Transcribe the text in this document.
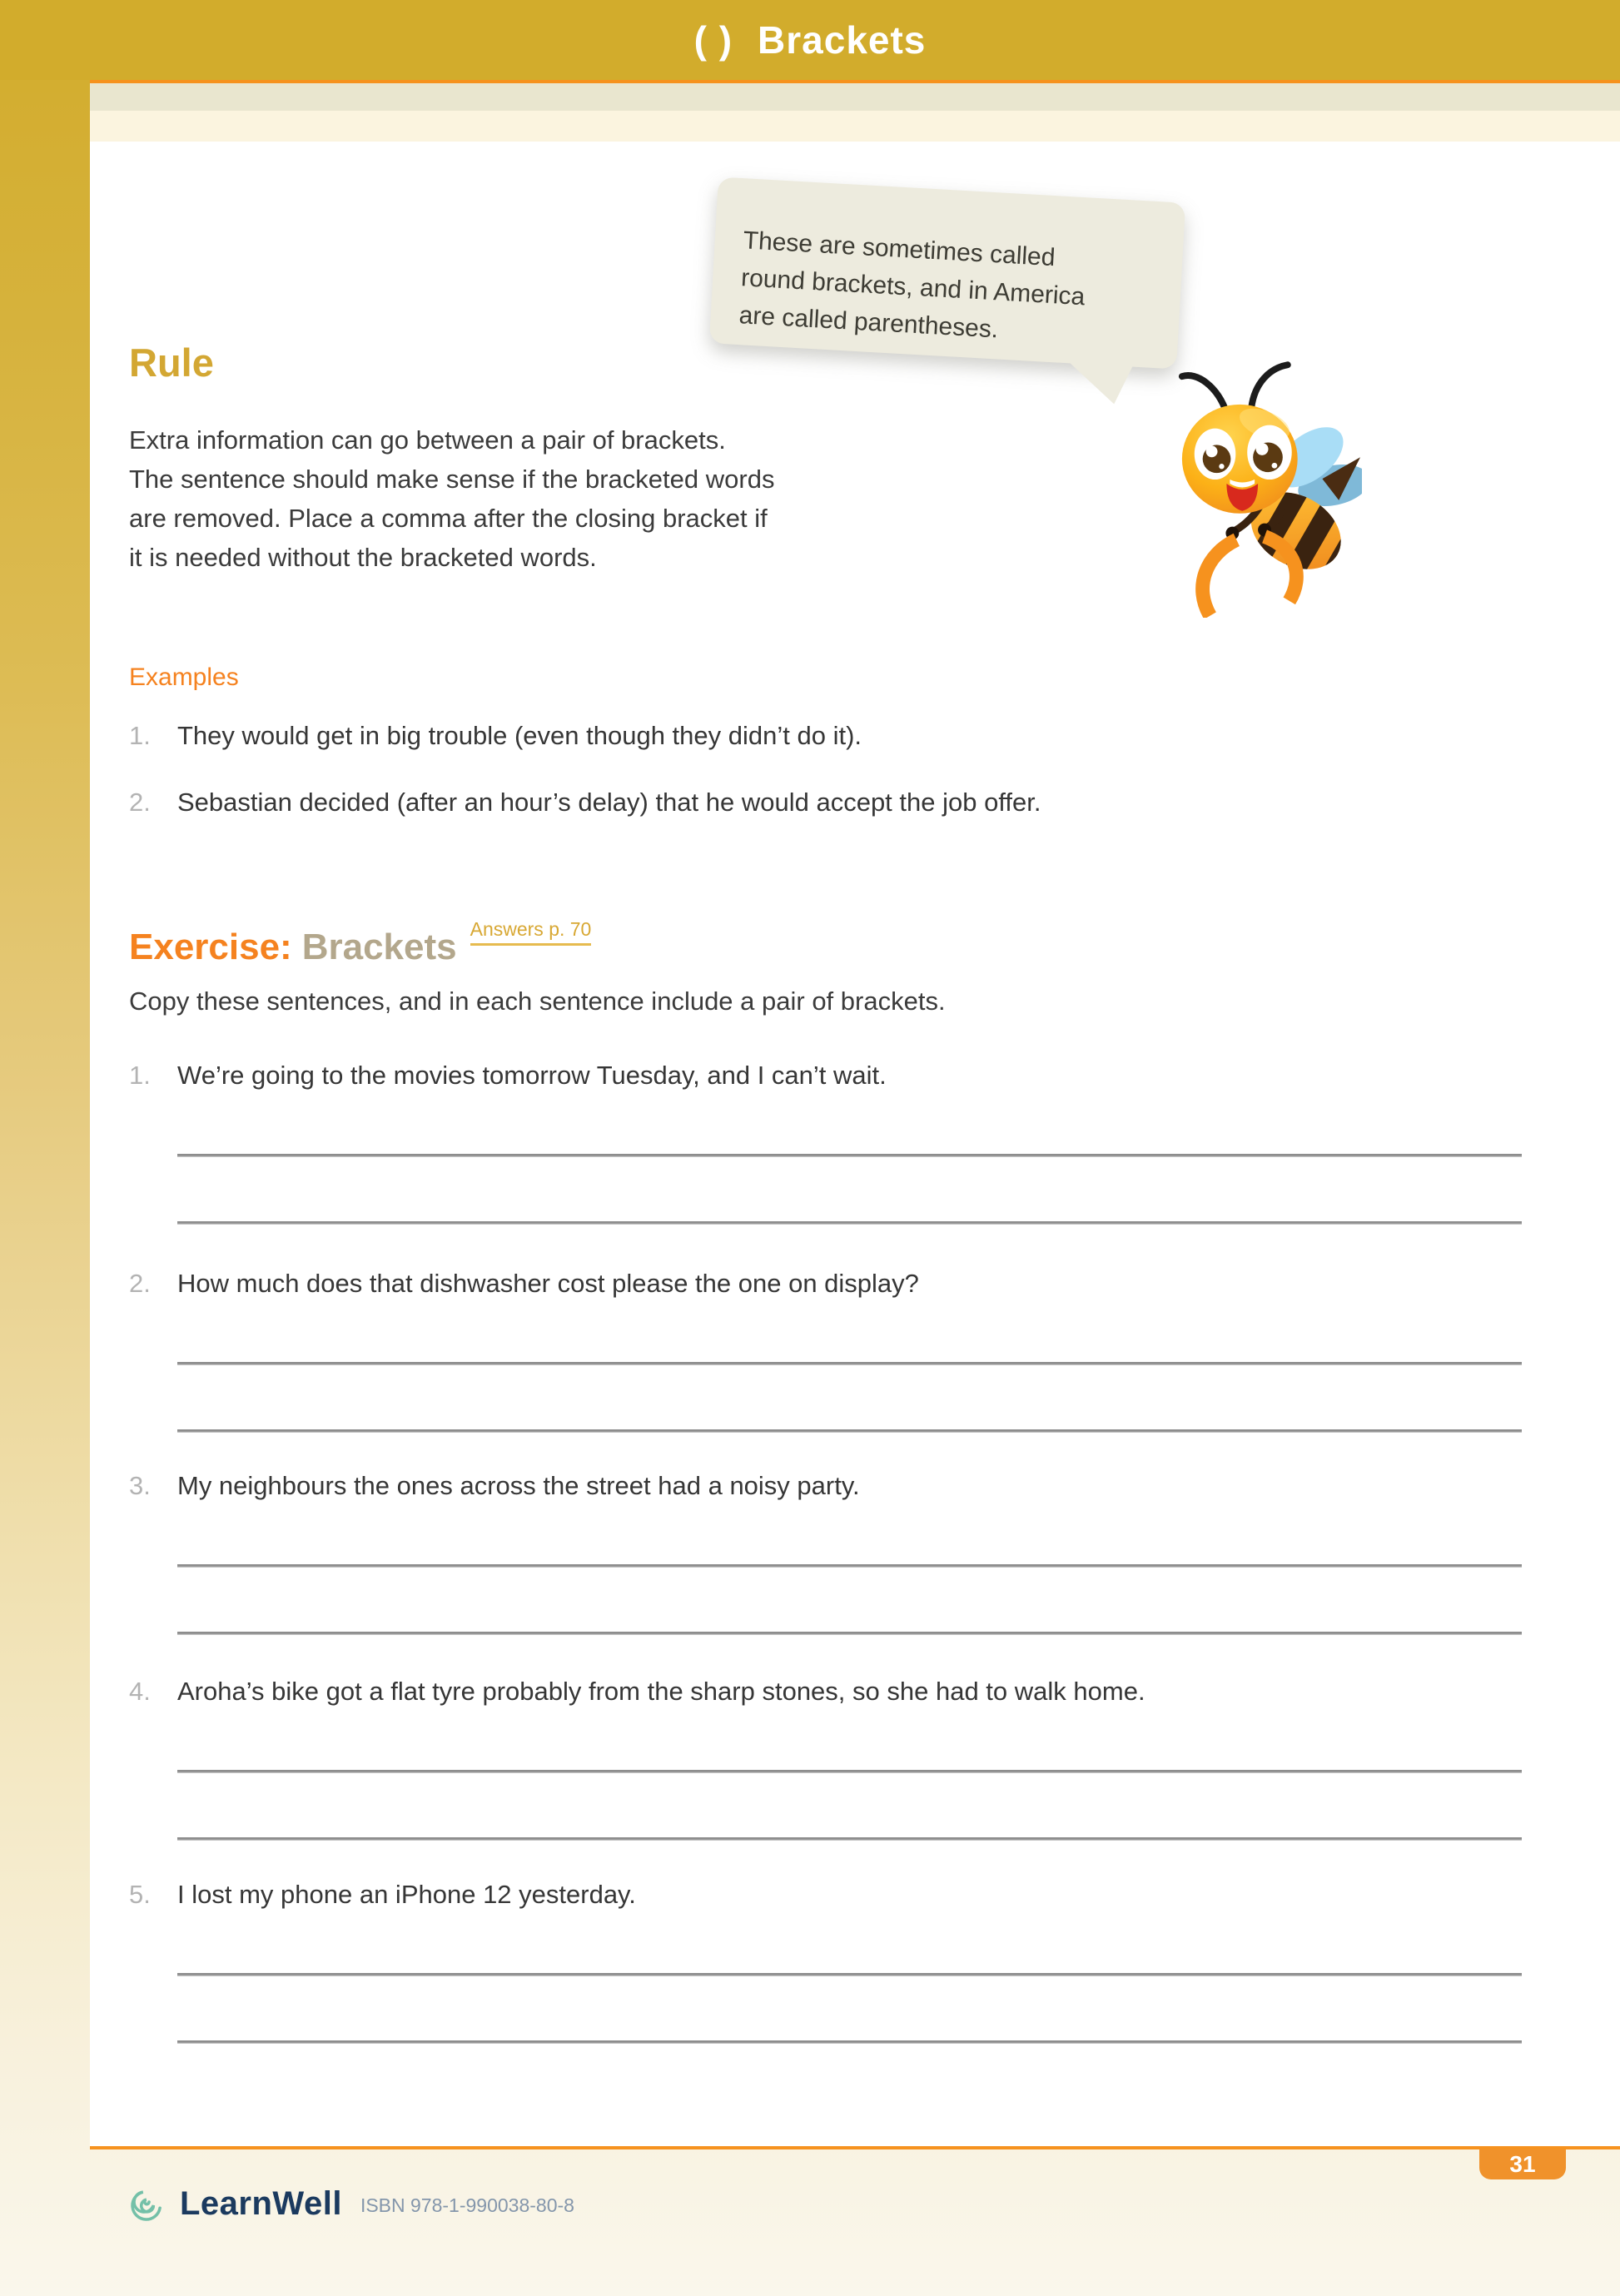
( ) Brackets
These are sometimes called
round brackets, and in America
are called parentheses.
Rule
Extra information can go between a pair of brackets.
The sentence should make sense if the bracketed words
are removed. Place a comma after the closing bracket if
it is needed without the bracketed words.
Examples
1.	They would get in big trouble (even though they didn’t do it).
2.	Sebastian decided (after an hour’s delay) that he would accept the job offer.
Exercise: Brackets $^{Answers p. 70}$
Copy these sentences, and in each sentence include a pair of brackets.
1.	We’re going to the movies tomorrow Tuesday, and I can’t wait.
2.	How much does that dishwasher cost please the one on display?
3.	My neighbours the ones across the street had a noisy party.
4.	Aroha’s bike got a flat tyre probably from the sharp stones, so she had to walk home.
5.	I lost my phone an iPhone 12 yesterday.
31
LearnWell ISBN 978-1-990038-80-8
